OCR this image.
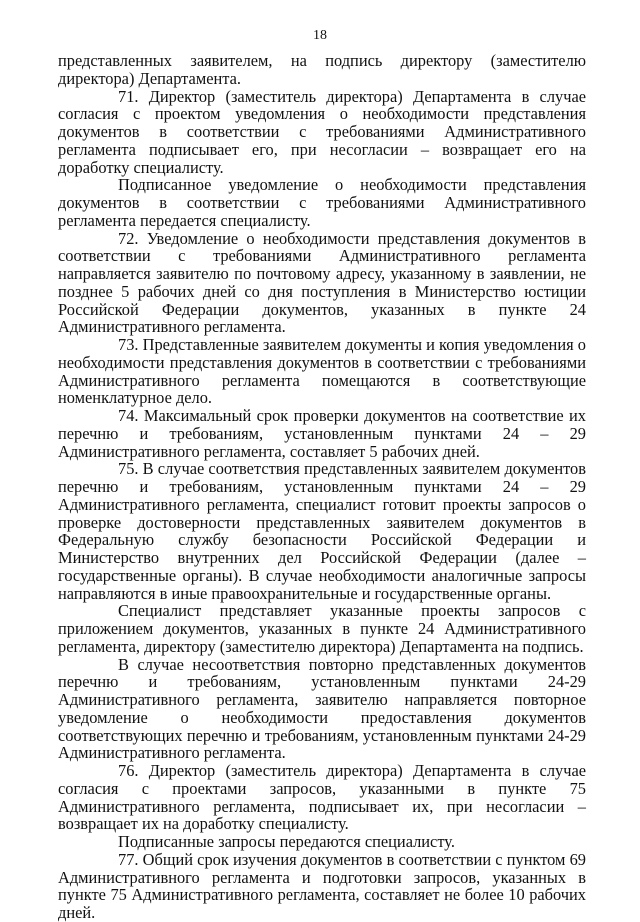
18

представленных заявителем, на подпись директору (заместителю директора) Департамента.

71. Директор (заместитель директора) Департамента в случае согласия с проектом уведомления о необходимости представления документов в соответствии с требованиями Административного регламента подписывает его, при несогласии – возвращает его на доработку специалисту.

Подписанное уведомление о необходимости представления документов в соответствии с требованиями Административного регламента передается специалисту.

72. Уведомление о необходимости представления документов в соответствии с требованиями Административного регламента направляется заявителю по почтовому адресу, указанному в заявлении, не позднее 5 рабочих дней со дня поступления в Министерство юстиции Российской Федерации документов, указанных в пункте 24 Административного регламента.

73. Представленные заявителем документы и копия уведомления о необходимости представления документов в соответствии с требованиями Административного регламента помещаются в соответствующие номенклатурное дело.

74. Максимальный срок проверки документов на соответствие их перечню и требованиям, установленным пунктами 24 – 29 Административного регламента, составляет 5 рабочих дней.

75. В случае соответствия представленных заявителем документов перечню и требованиям, установленным пунктами 24 – 29 Административного регламента, специалист готовит проекты запросов о проверке достоверности представленных заявителем документов в Федеральную службу безопасности Российской Федерации и Министерство внутренних дел Российской Федерации (далее – государственные органы). В случае необходимости аналогичные запросы направляются в иные правоохранительные и государственные органы.

Специалист представляет указанные проекты запросов с приложением документов, указанных в пункте 24 Административного регламента, директору (заместителю директора) Департамента на подпись.

В случае несоответствия повторно представленных документов перечню и требованиям, установленным пунктами 24-29 Административного регламента, заявителю направляется повторное уведомление о необходимости предоставления документов соответствующих перечню и требованиям, установленным пунктами 24-29 Административного регламента.

76. Директор (заместитель директора) Департамента в случае согласия с проектами запросов, указанными в пункте 75 Административного регламента, подписывает их, при несогласии – возвращает их на доработку специалисту.

Подписанные запросы передаются специалисту.

77. Общий срок изучения документов в соответствии с пунктом 69 Административного регламента и подготовки запросов, указанных в пункте 75 Административного регламента, составляет не более 10 рабочих дней.
